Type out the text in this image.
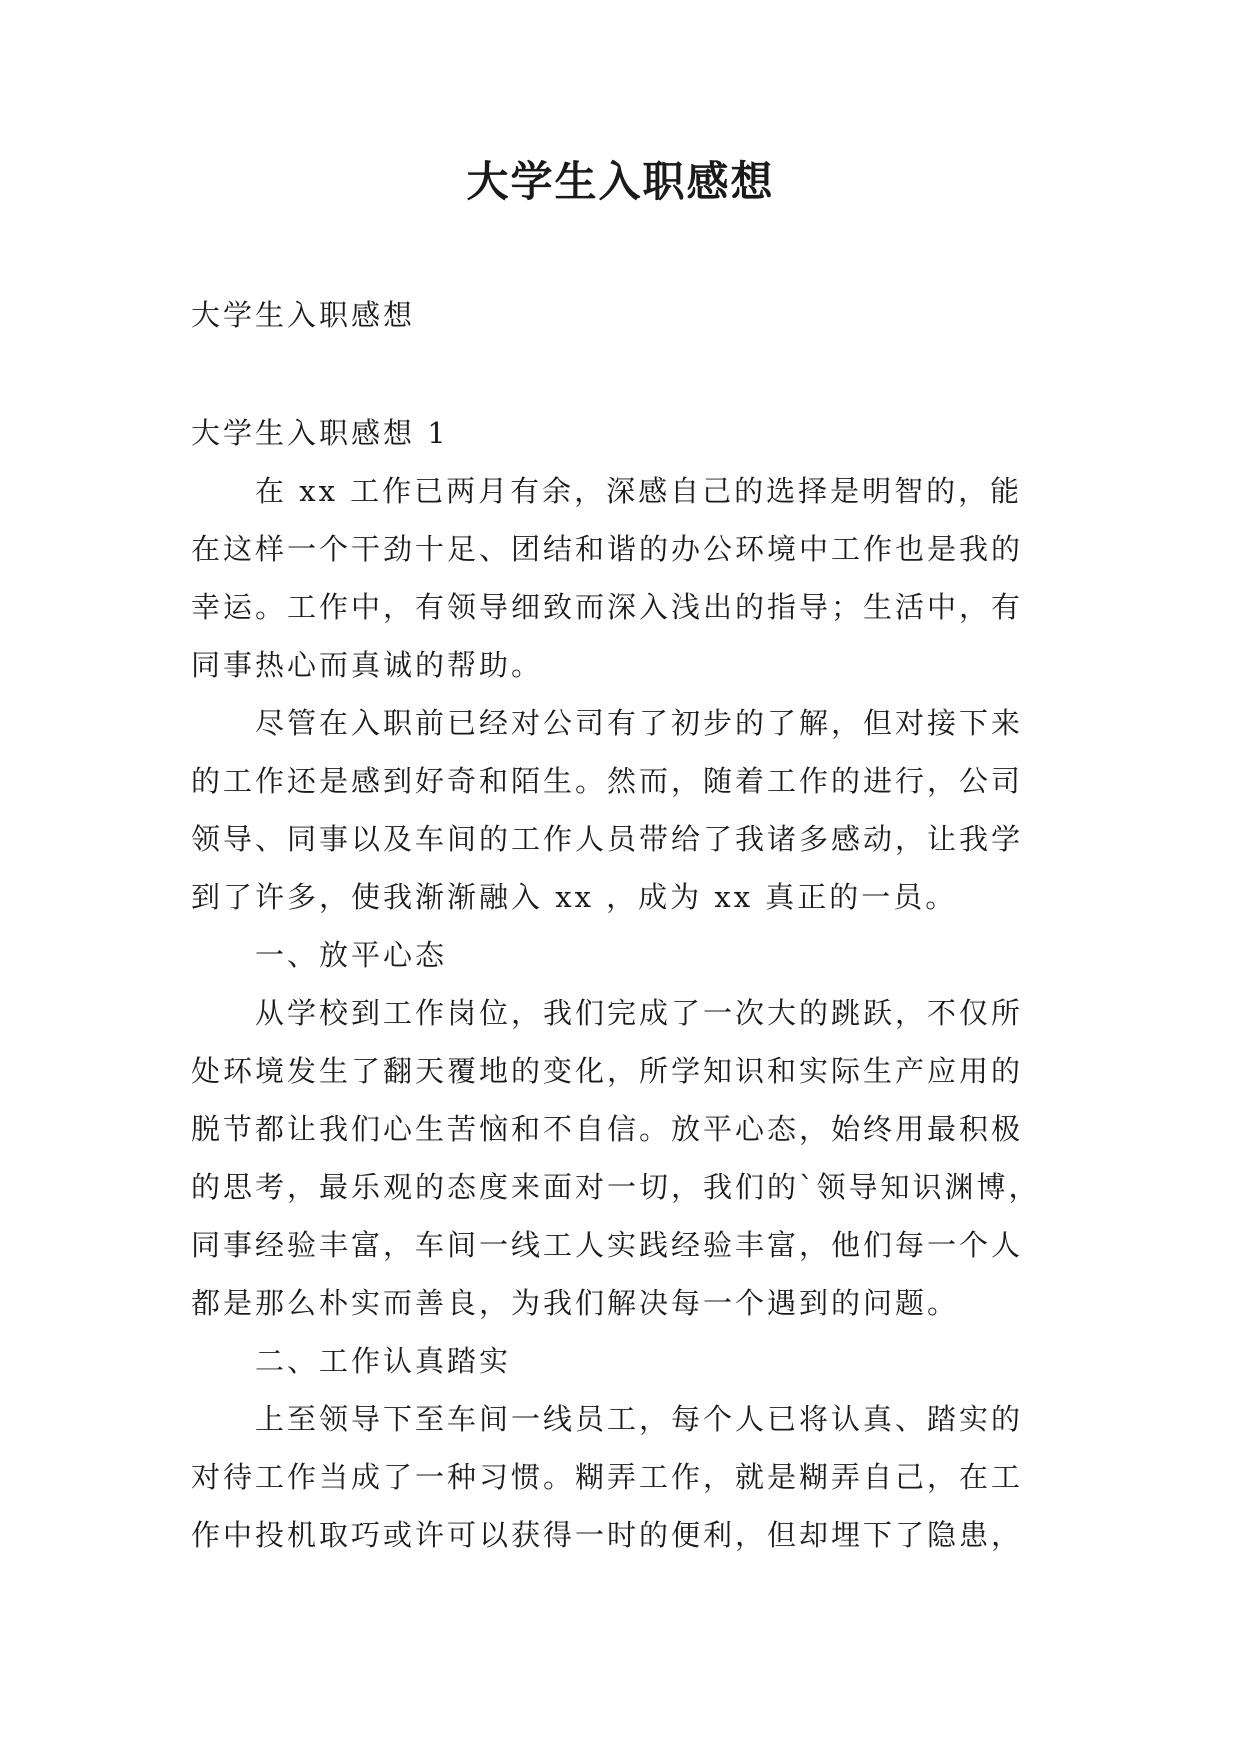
大学生入职感想

大学生入职感想

大学生入职感想 1

在 xx 工作已两月有余，深感自己的选择是明智的，能

在这样一个干劲十足、团结和谐的办公环境中工作也是我的

幸运。工作中，有领导细致而深入浅出的指导；生活中，有

同事热心而真诚的帮助。

尽管在入职前已经对公司有了初步的了解，但对接下来

的工作还是感到好奇和陌生。然而，随着工作的进行，公司

领导、同事以及车间的工作人员带给了我诸多感动，让我学

到了许多，使我渐渐融入 xx ，成为 xx 真正的一员。

一、放平心态

从学校到工作岗位，我们完成了一次大的跳跃，不仅所

处环境发生了翻天覆地的变化，所学知识和实际生产应用的

脱节都让我们心生苦恼和不自信。放平心态，始终用最积极

的思考，最乐观的态度来面对一切，我们的`领导知识渊博，

同事经验丰富，车间一线工人实践经验丰富，他们每一个人

都是那么朴实而善良，为我们解决每一个遇到的问题。

二、工作认真踏实

上至领导下至车间一线员工，每个人已将认真、踏实的

对待工作当成了一种习惯。糊弄工作，就是糊弄自己，在工

作中投机取巧或许可以获得一时的便利，但却埋下了隐患，
